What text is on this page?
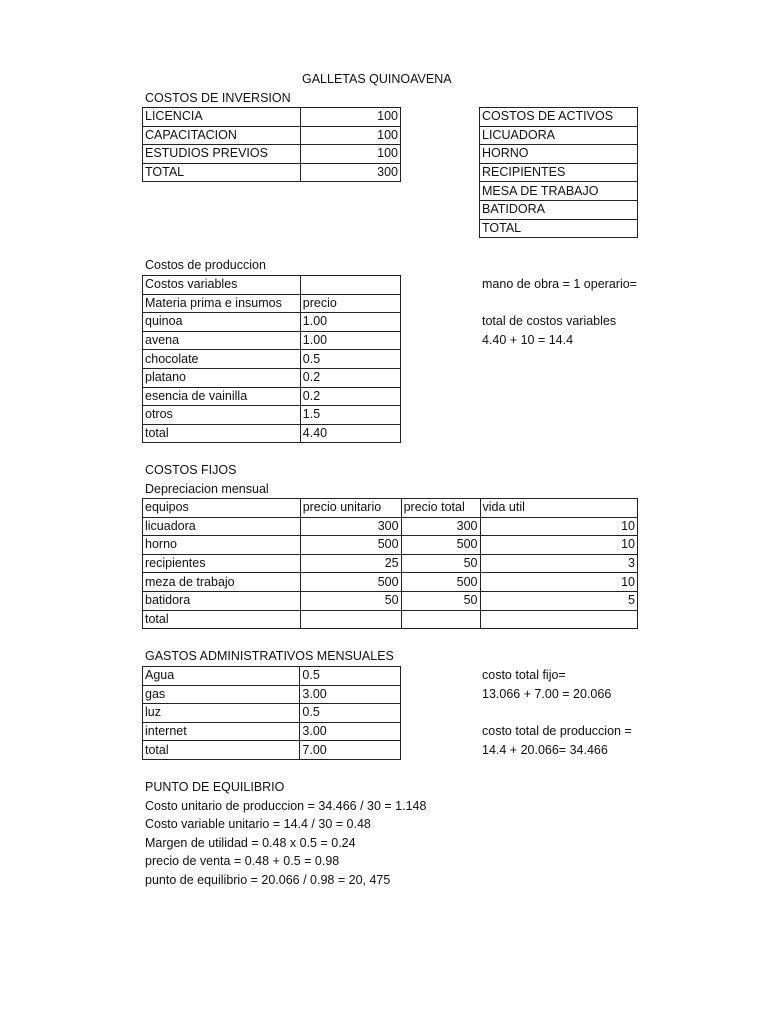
GALLETAS QUINOAVENA
COSTOS DE INVERSION
LICENCIA	100
CAPACITACION	100
ESTUDIOS PREVIOS	100
TOTAL	300
COSTOS DE ACTIVOS
LICUADORA
HORNO
RECIPIENTES
MESA DE TRABAJO
BATIDORA
TOTAL
Costos de produccion
Costos variables	
Materia prima e insumos	precio
quinoa	1.00
avena	1.00
chocolate	0.5
platano	0.2
esencia de vainilla	0.2
otros	1.5
total	4.40
mano de obra = 1 operario=
total de costos variables
4.40 + 10 = 14.4
COSTOS FIJOS
Depreciacion mensual
equipos	precio unitario	precio total	vida util
licuadora	300	300	10
horno	500	500	10
recipientes	25	50	3
meza de trabajo	500	500	10
batidora	50	50	5
total			
GASTOS ADMINISTRATIVOS MENSUALES
Agua	0.5
gas	3.00
luz	0.5
internet	3.00
total	7.00
costo total fijo=
13.066 + 7.00 = 20.066
costo total de produccion =
14.4 + 20.066= 34.466
PUNTO DE EQUILIBRIO
Costo unitario de produccion = 34.466 / 30 = 1.148
Costo variable unitario = 14.4 / 30 = 0.48
Margen de utilidad = 0.48 x 0.5 = 0.24
precio de venta = 0.48 + 0.5 = 0.98
punto de equilibrio = 20.066 / 0.98 = 20, 475
